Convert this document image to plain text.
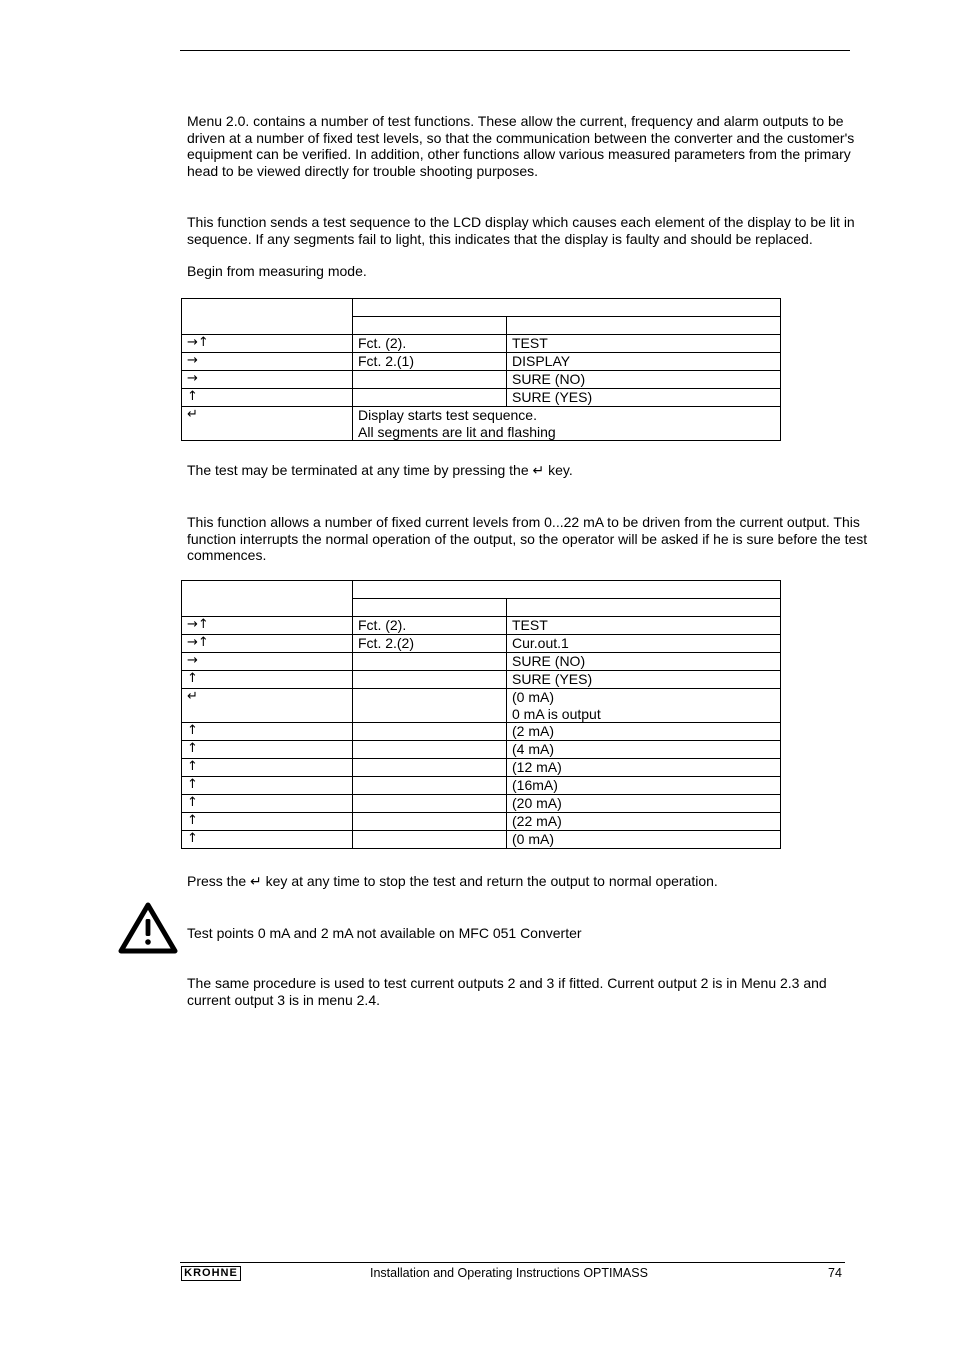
Menu 2.0. contains a number of test functions. These allow the current, frequency and alarm outputs to be driven at a number of fixed test levels, so that the communication between the converter and the customer's equipment can be verified. In addition, other functions allow various measured parameters from the primary head to be viewed directly for trouble shooting purposes.

This function sends a test sequence to the LCD display which causes each element of the display to be lit in sequence. If any segments fail to light, this indicates that the display is faulty and should be replaced.

Begin from measuring mode.

→↑	Fct. (2).	TEST
→	Fct. 2.(1)	DISPLAY
→		SURE (NO)
↑		SURE (YES)
↵	Display starts test sequence.
All segments are lit and flashing	

The test may be terminated at any time by pressing the ↵ key.

This function allows a number of fixed current levels from 0...22 mA to be driven from the current output. This function interrupts the normal operation of the output, so the operator will be asked if he is sure before the test commences.

→↑	Fct. (2).	TEST
→↑	Fct. 2.(2)	Cur.out.1
→		SURE (NO)
↑		SURE (YES)
↵		(0 mA)
0 mA is output

↑		(2 mA)
↑		(4 mA)
↑		(12 mA)
↑		(16mA)
↑		(20 mA)
↑		(22 mA)
↑		(0 mA)

Press the ↵ key at any time to stop the test and return the output to normal operation.

Test points 0 mA and 2 mA not available on MFC 051 Converter

The same procedure is used to test current outputs 2 and 3 if fitted. Current output 2 is in Menu 2.3 and current output 3 is in menu 2.4.

KROHNE	Installation and Operating Instructions OPTIMASS	74
